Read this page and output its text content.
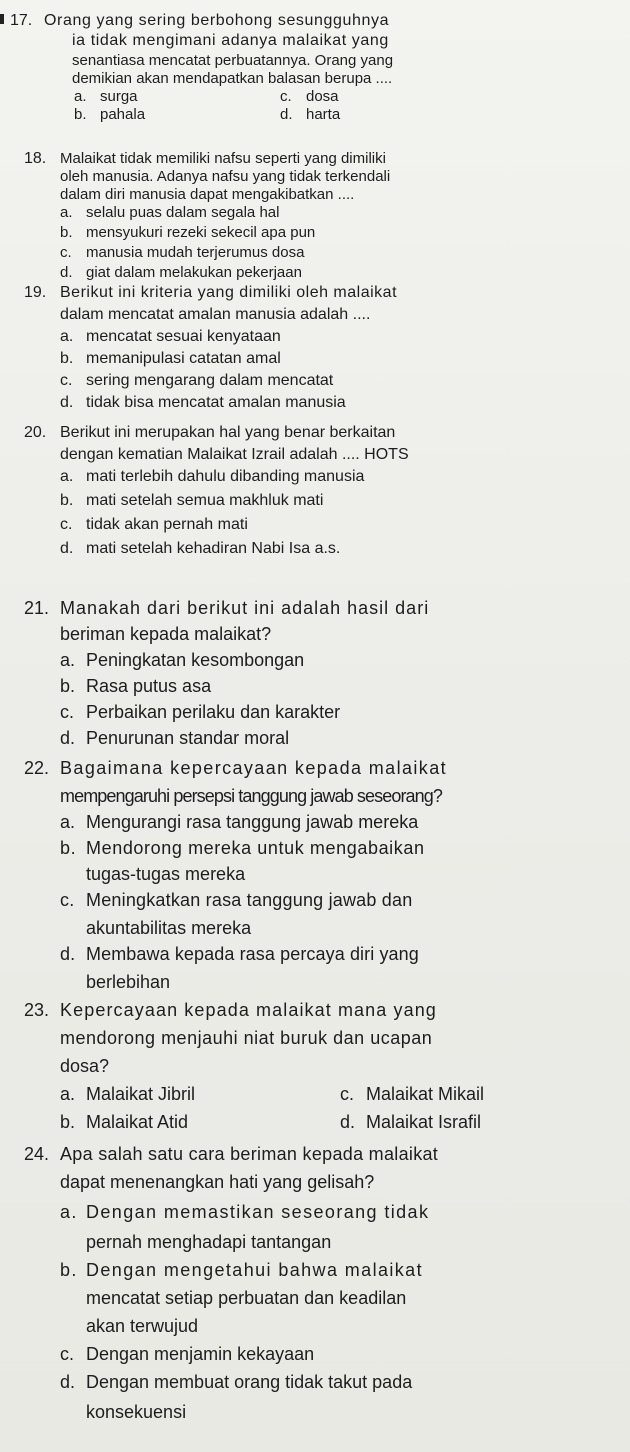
17. Orang yang sering berbohong sesungguhnya
ia tidak mengimani adanya malaikat yang
senantiasa mencatat perbuatannya. Orang yang
demikian akan mendapatkan balasan berupa ....
a. surga	c. dosa
b. pahala	d. harta
18. Malaikat tidak memiliki nafsu seperti yang dimiliki
oleh manusia. Adanya nafsu yang tidak terkendali
dalam diri manusia dapat mengakibatkan ....
a. selalu puas dalam segala hal
b. mensyukuri rezeki sekecil apa pun
c. manusia mudah terjerumus dosa
d. giat dalam melakukan pekerjaan
19. Berikut ini kriteria yang dimiliki oleh malaikat
dalam mencatat amalan manusia adalah ....
a. mencatat sesuai kenyataan
b. memanipulasi catatan amal
c. sering mengarang dalam mencatat
d. tidak bisa mencatat amalan manusia
20. Berikut ini merupakan hal yang benar berkaitan
dengan kematian Malaikat Izrail adalah .... HOTS
a. mati terlebih dahulu dibanding manusia
b. mati setelah semua makhluk mati
c. tidak akan pernah mati
d. mati setelah kehadiran Nabi Isa a.s.
21. Manakah dari berikut ini adalah hasil dari
beriman kepada malaikat?
a. Peningkatan kesombongan
b. Rasa putus asa
c. Perbaikan perilaku dan karakter
d. Penurunan standar moral
22. Bagaimana kepercayaan kepada malaikat
mempengaruhi persepsi tanggung jawab seseorang?
a. Mengurangi rasa tanggung jawab mereka
b. Mendorong mereka untuk mengabaikan
tugas-tugas mereka
c. Meningkatkan rasa tanggung jawab dan
akuntabilitas mereka
d. Membawa kepada rasa percaya diri yang
berlebihan
23. Kepercayaan kepada malaikat mana yang
mendorong menjauhi niat buruk dan ucapan
dosa?
a. Malaikat Jibril	c. Malaikat Mikail
b. Malaikat Atid	d. Malaikat Israfil
24. Apa salah satu cara beriman kepada malaikat
dapat menenangkan hati yang gelisah?
a. Dengan memastikan seseorang tidak
pernah menghadapi tantangan
b. Dengan mengetahui bahwa malaikat
mencatat setiap perbuatan dan keadilan
akan terwujud
c. Dengan menjamin kekayaan
d. Dengan membuat orang tidak takut pada
konsekuensi
